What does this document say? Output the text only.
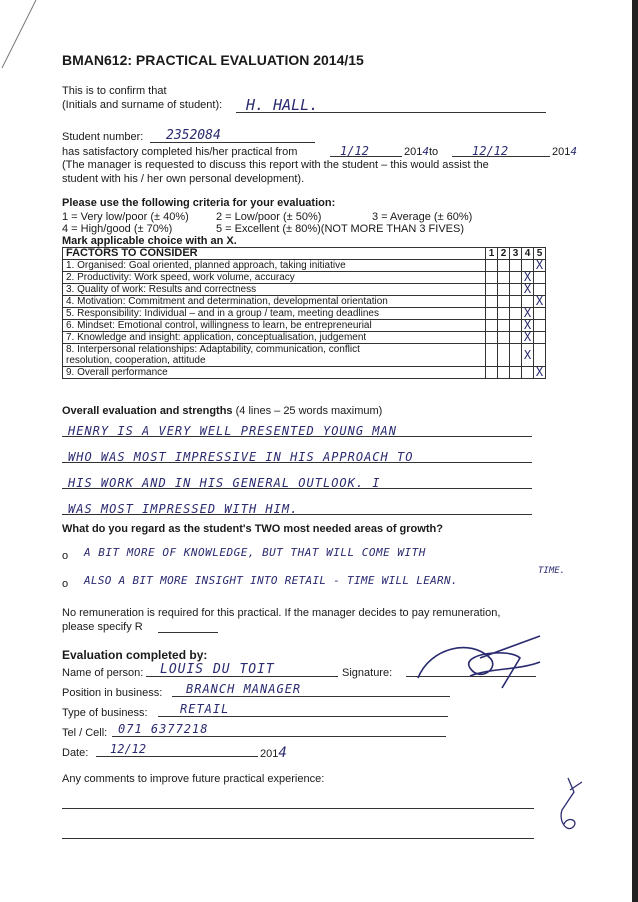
BMAN612: PRACTICAL EVALUATION 2014/15
This is to confirm that
(Initials and surname of student):	H. HALL.
Student number:	2352084
has satisfactory completed his/her practical from	1/12	2014to	12/12	2014
(The manager is requested to discuss this report with the student – this would assist the
student with his / her own personal development).
Please use the following criteria for your evaluation:
1 = Very low/poor (± 40%) 2 = Low/poor (± 50%)	3 = Average (± 60%)
4 = High/good (± 70%)	5 = Excellent (± 80%)(NOT MORE THAN 3 FIVES)
Mark applicable choice with an X.
FACTORS TO CONSIDER	1	2	3	4	5
1. Organised: Goal oriented, planned approach, taking initiative					X
2. Productivity: Work speed, work volume, accuracy				X	
3. Quality of work: Results and correctness				X	
4. Motivation: Commitment and determination, developmental orientation					X
5. Responsibility: Individual – and in a group / team, meeting deadlines				X	
6. Mindset: Emotional control, willingness to learn, be entrepreneurial				X	
7. Knowledge and insight: application, conceptualisation, judgement				X	
8. Interpersonal relationships: Adaptability, communication, conflict
resolution, cooperation, attitude				X	
9. Overall performance					X
Overall evaluation and strengths (4 lines – 25 words maximum)
HENRY IS A VERY WELL PRESENTED YOUNG MAN
WHO WAS MOST IMPRESSIVE IN HIS APPROACH TO
HIS WORK AND IN HIS GENERAL OUTLOOK. I
WAS MOST IMPRESSED WITH HIM.
What do you regard as the student's TWO most needed areas of growth?
o A BIT MORE OF KNOWLEDGE, BUT THAT WILL COME WITH
TIME.
o ALSO A BIT MORE INSIGHT INTO RETAIL - TIME WILL LEARN.
No remuneration is required for this practical. If the manager decides to pay remuneration,
please specify R
Evaluation completed by:
Name of person:	LOUIS DU TOIT	Signature:
Position in business:	BRANCH MANAGER
Type of business:	RETAIL
Tel / Cell: 071 6377218
Date:	12/12	2014
Any comments to improve future practical experience:
